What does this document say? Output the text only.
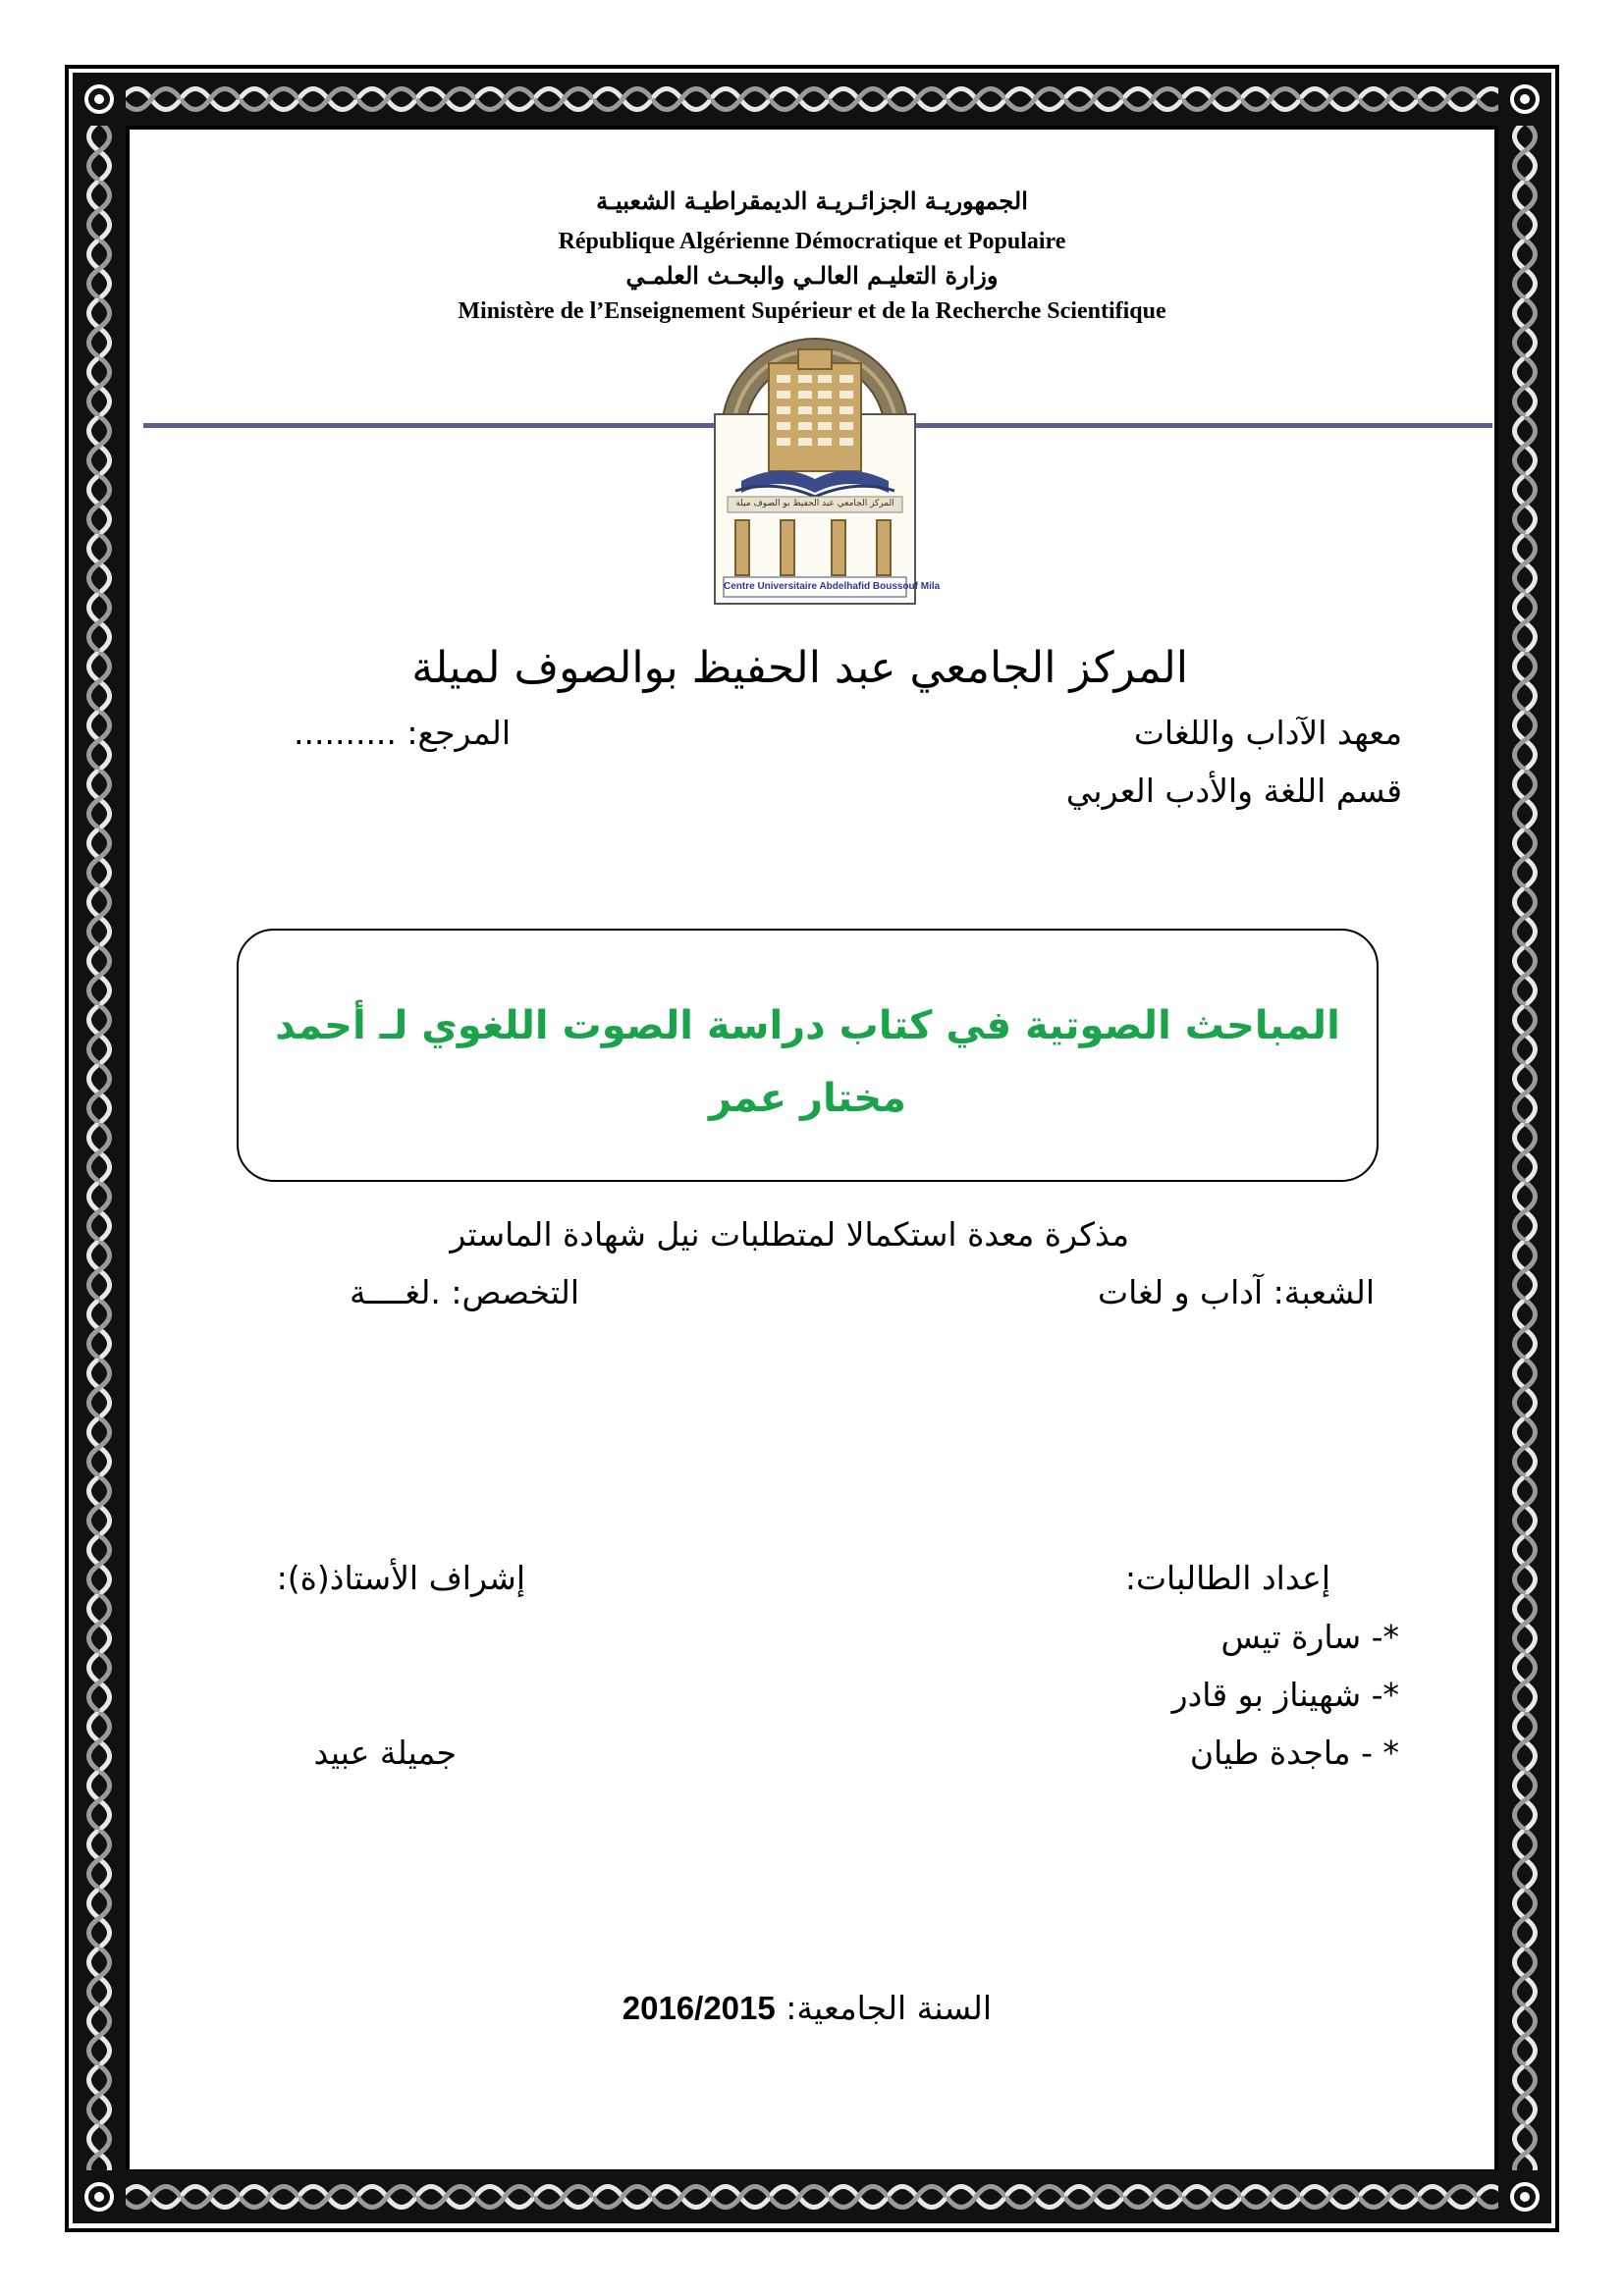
الجمهوريـة الجزائـريـة الديمقراطيـة الشعبيـة
République Algérienne Démocratique et Populaire
وزارة التعليـم العالـي والبحـث العلمـي
Ministère de l’Enseignement Supérieur et de la Recherche Scientifique
المركز الجامعي عبد الحفيظ بو الصوف ميلة
Centre Universitaire Abdelhafid Boussouf Mila
المركز الجامعي عبد الحفيظ بوالصوف لميلة
معهد الآداب واللغات
المرجع: ..........
قسم اللغة والأدب العربي
المباحث الصوتية في كتاب دراسة الصوت اللغوي لـ أحمد
مختار عمر
مذكرة معدة استكمالا لمتطلبات نيل شهادة الماستر
الشعبة: آداب و لغات
التخصص: .لغــــة
إعداد الطالبات:
إشراف الأستاذ(ة):
*- سارة تيس
*- شهيناز بو قادر
* - ماجدة طيان
جميلة عبيد
السنة الجامعية: 2016/2015
